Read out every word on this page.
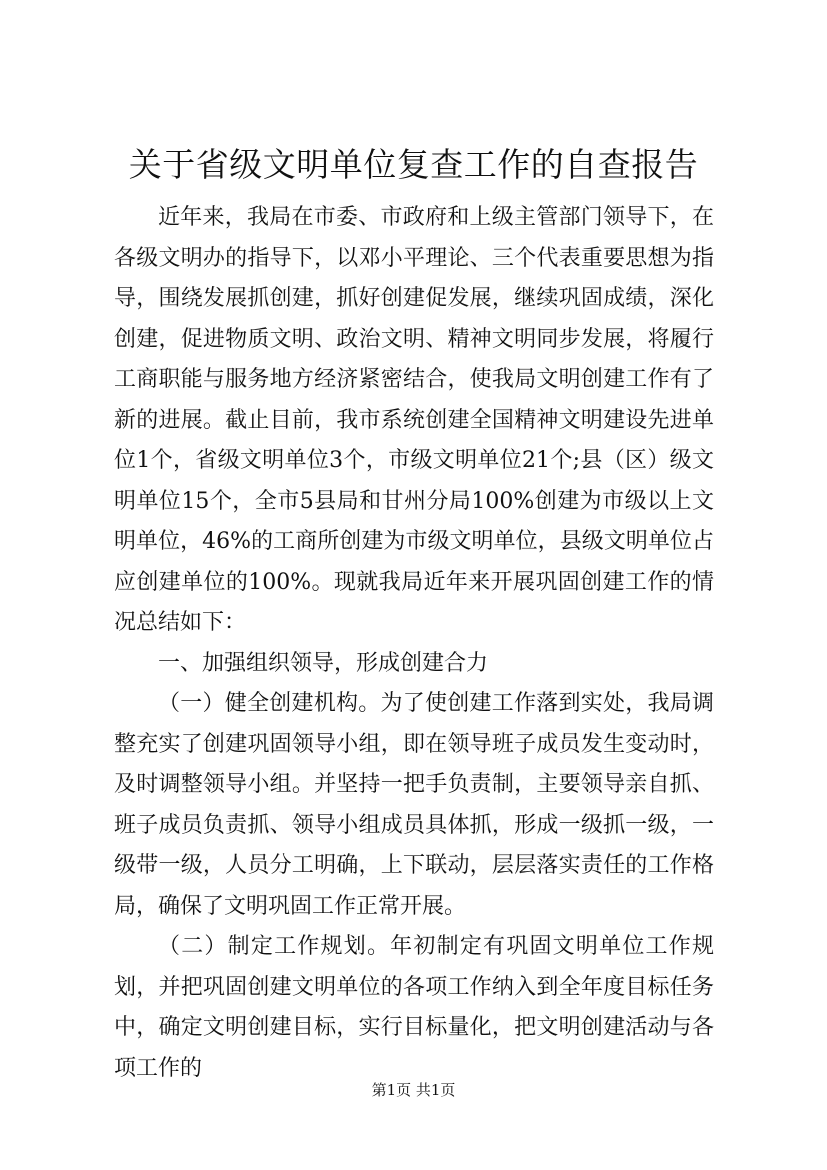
关于省级文明单位复查工作的自查报告

近年来，我局在市委、市政府和上级主管部门领导下，在各级文明办的指导下，以邓小平理论、三个代表重要思想为指导，围绕发展抓创建，抓好创建促发展，继续巩固成绩，深化创建，促进物质文明、政治文明、精神文明同步发展，将履行工商职能与服务地方经济紧密结合，使我局文明创建工作有了新的进展。截止目前，我市系统创建全国精神文明建设先进单位1个，省级文明单位3个，市级文明单位21个;县（区）级文明单位15个，全市5县局和甘州分局100%创建为市级以上文明单位，46%的工商所创建为市级文明单位，县级文明单位占应创建单位的100%。现就我局近年来开展巩固创建工作的情况总结如下：

一、加强组织领导，形成创建合力

（一）健全创建机构。为了使创建工作落到实处，我局调整充实了创建巩固领导小组，即在领导班子成员发生变动时，及时调整领导小组。并坚持一把手负责制，主要领导亲自抓、班子成员负责抓、领导小组成员具体抓，形成一级抓一级，一级带一级，人员分工明确，上下联动，层层落实责任的工作格局，确保了文明巩固工作正常开展。

（二）制定工作规划。年初制定有巩固文明单位工作规划，并把巩固创建文明单位的各项工作纳入到全年度目标任务中，确定文明创建目标，实行目标量化，把文明创建活动与各项工作的

第1页 共1页
